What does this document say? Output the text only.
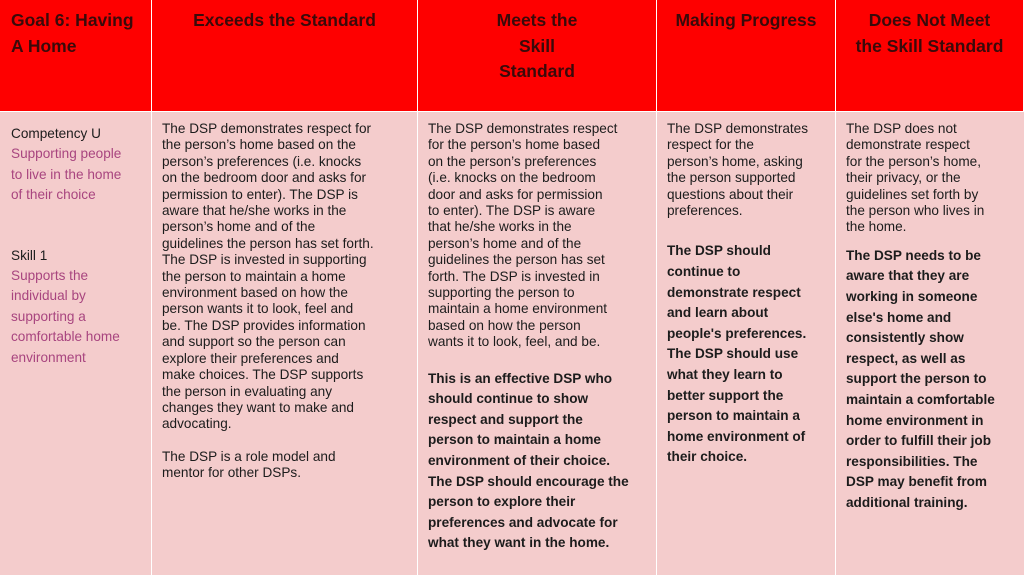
Goal 6: Having
A Home
Exceeds the Standard	Meets the
Skill
Standard
Making Progress	Does Not Meet
the Skill Standard
Competency U
Supporting people
to live in the home
of their choice
Skill 1
Supports the
individual by
supporting a
comfortable home
environment
The DSP demonstrates respect for
the person’s home based on the
person’s preferences (i.e. knocks
on the bedroom door and asks for
permission to enter). The DSP is
aware that he/she works in the
person’s home and of the
guidelines the person has set forth.
The DSP is invested in supporting
the person to maintain a home
environment based on how the
person wants it to look, feel and
be. The DSP provides information
and support so the person can
explore their preferences and
make choices. The DSP supports
the person in evaluating any
changes they want to make and
advocating.
The DSP is a role model and
mentor for other DSPs.
The DSP demonstrates respect
for the person’s home based
on the person’s preferences
(i.e. knocks on the bedroom
door and asks for permission
to enter). The DSP is aware
that he/she works in the
person’s home and of the
guidelines the person has set
forth. The DSP is invested in
supporting the person to
maintain a home environment
based on how the person
wants it to look, feel, and be.
This is an effective DSP who
should continue to show
respect and support the
person to maintain a home
environment of their choice.
The DSP should encourage the
person to explore their
preferences and advocate for
what they want in the home.
The DSP demonstrates
respect for the
person’s home, asking
the person supported
questions about their
preferences.
The DSP should
continue to
demonstrate respect
and learn about
people's preferences.
The DSP should use
what they learn to
better support the
person to maintain a
home environment of
their choice.
The DSP does not
demonstrate respect
for the person’s home,
their privacy, or the
guidelines set forth by
the person who lives in
the home.
The DSP needs to be
aware that they are
working in someone
else's home and
consistently show
respect, as well as
support the person to
maintain a comfortable
home environment in
order to fulfill their job
responsibilities. The
DSP may benefit from
additional training.
